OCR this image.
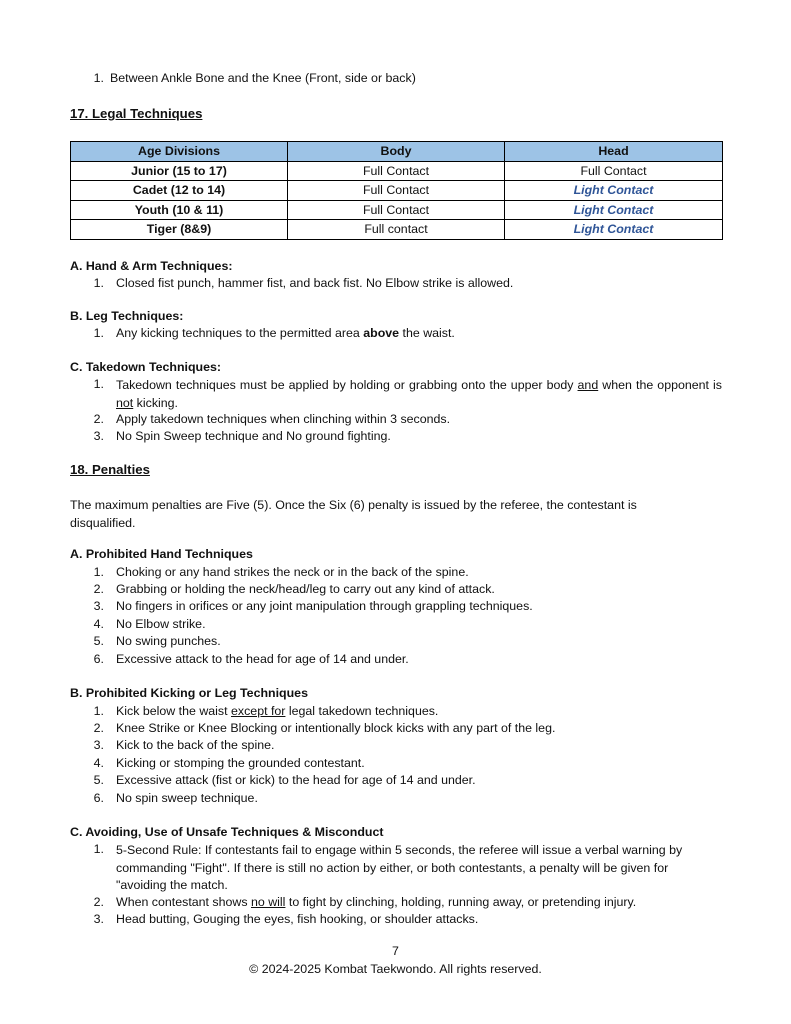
1. Between Ankle Bone and the Knee (Front, side or back)
17. Legal Techniques
Age Divisions	Body	Head
Junior (15 to 17)	Full Contact	Full Contact
Cadet (12 to 14)	Full Contact	Light Contact
Youth (10 & 11)	Full Contact	Light Contact
Tiger (8&9)	Full contact	Light Contact
A. Hand & Arm Techniques:
1. Closed fist punch, hammer fist, and back fist. No Elbow strike is allowed.
B. Leg Techniques:
1. Any kicking techniques to the permitted area above the waist.
C. Takedown Techniques:
1. Takedown techniques must be applied by holding or grabbing onto the upper body and when the opponent is not kicking.
2. Apply takedown techniques when clinching within 3 seconds.
3. No Spin Sweep technique and No ground fighting.
18. Penalties
The maximum penalties are Five (5). Once the Six (6) penalty is issued by the referee, the contestant is disqualified.
A. Prohibited Hand Techniques
1. Choking or any hand strikes the neck or in the back of the spine.
2. Grabbing or holding the neck/head/leg to carry out any kind of attack.
3. No fingers in orifices or any joint manipulation through grappling techniques.
4. No Elbow strike.
5. No swing punches.
6. Excessive attack to the head for age of 14 and under.
B. Prohibited Kicking or Leg Techniques
1. Kick below the waist except for legal takedown techniques.
2. Knee Strike or Knee Blocking or intentionally block kicks with any part of the leg.
3. Kick to the back of the spine.
4. Kicking or stomping the grounded contestant.
5. Excessive attack (fist or kick) to the head for age of 14 and under.
6. No spin sweep technique.
C. Avoiding, Use of Unsafe Techniques & Misconduct
1. 5-Second Rule: If contestants fail to engage within 5 seconds, the referee will issue a verbal warning by commanding "Fight". If there is still no action by either, or both contestants, a penalty will be given for "avoiding the match.
2. When contestant shows no will to fight by clinching, holding, running away, or pretending injury.
3. Head butting, Gouging the eyes, fish hooking, or shoulder attacks.
7
© 2024-2025 Kombat Taekwondo. All rights reserved.
